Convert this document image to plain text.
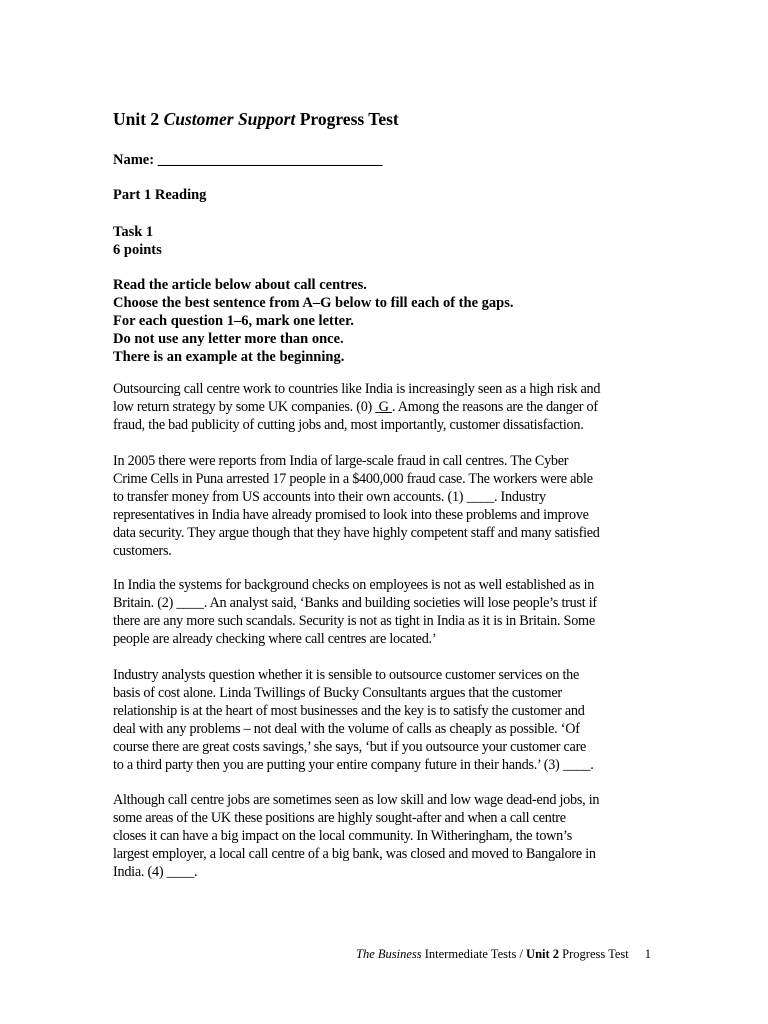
Unit 2 Customer Support Progress Test
Name: _______________________________
Part 1 Reading
Task 1
6 points
Read the article below about call centres.
Choose the best sentence from A–G below to fill each of the gaps.
For each question 1–6, mark one letter.
Do not use any letter more than once.
There is an example at the beginning.
Outsourcing call centre work to countries like India is increasingly seen as a high risk and
low return strategy by some UK companies. (0)  G . Among the reasons are the danger of
fraud, the bad publicity of cutting jobs and, most importantly, customer dissatisfaction.
In 2005 there were reports from India of large-scale fraud in call centres. The Cyber
Crime Cells in Puna arrested 17 people in a $400,000 fraud case. The workers were able
to transfer money from US accounts into their own accounts. (1) ____. Industry
representatives in India have already promised to look into these problems and improve
data security. They argue though that they have highly competent staff and many satisfied
customers.
In India the systems for background checks on employees is not as well established as in
Britain. (2) ____. An analyst said, ‘Banks and building societies will lose people’s trust if
there are any more such scandals. Security is not as tight in India as it is in Britain. Some
people are already checking where call centres are located.’
Industry analysts question whether it is sensible to outsource customer services on the
basis of cost alone. Linda Twillings of Bucky Consultants argues that the customer
relationship is at the heart of most businesses and the key is to satisfy the customer and
deal with any problems – not deal with the volume of calls as cheaply as possible. ‘Of
course there are great costs savings,’ she says, ‘but if you outsource your customer care
to a third party then you are putting your entire company future in their hands.’ (3) ____.
Although call centre jobs are sometimes seen as low skill and low wage dead-end jobs, in
some areas of the UK these positions are highly sought-after and when a call centre
closes it can have a big impact on the local community. In Witheringham, the town’s
largest employer, a local call centre of a big bank, was closed and moved to Bangalore in
India. (4) ____.
The Business Intermediate Tests / Unit 2 Progress Test 1
